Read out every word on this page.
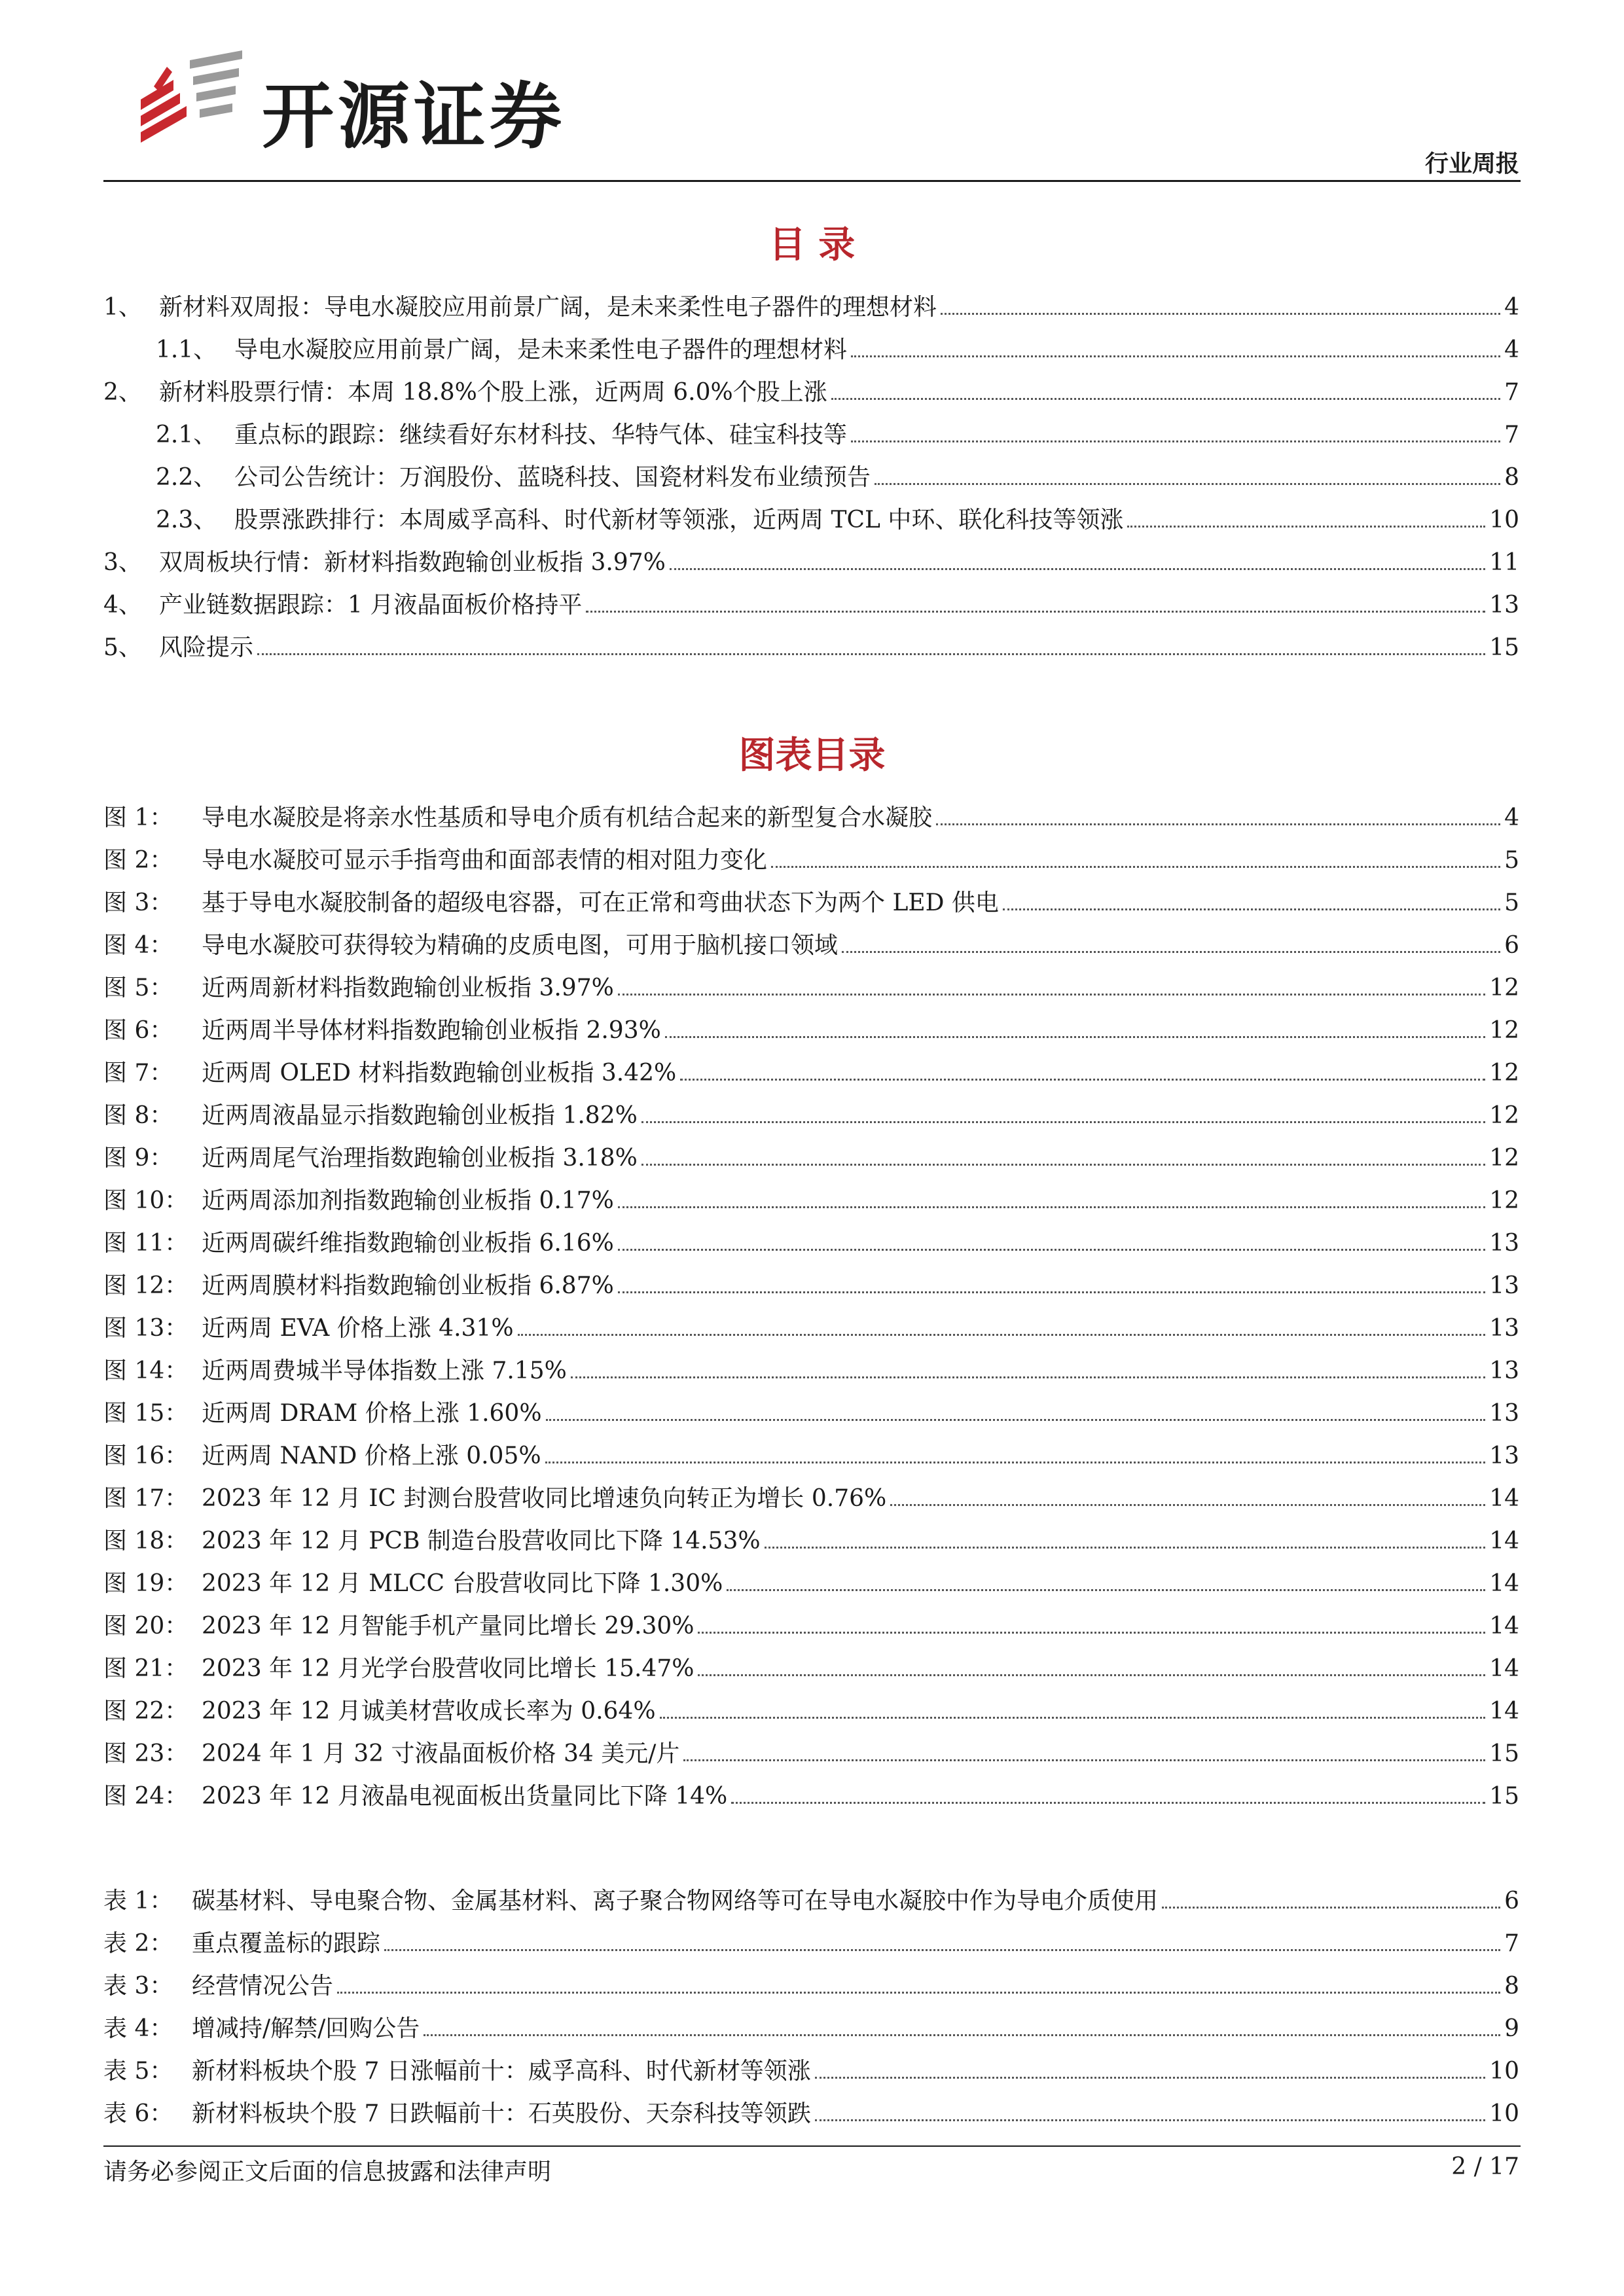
开源证券
行业周报
目 录
1、 新材料双周报：导电水凝胶应用前景广阔，是未来柔性电子器件的理想材料	4
1.1、 导电水凝胶应用前景广阔，是未来柔性电子器件的理想材料	4
2、 新材料股票行情：本周 18.8%个股上涨，近两周 6.0%个股上涨	7
2.1、 重点标的跟踪：继续看好东材科技、华特气体、硅宝科技等	7
2.2、 公司公告统计：万润股份、蓝晓科技、国瓷材料发布业绩预告	8
2.3、 股票涨跌排行：本周威孚高科、时代新材等领涨，近两周 TCL 中环、联化科技等领涨	10
3、 双周板块行情：新材料指数跑输创业板指 3.97%	11
4、 产业链数据跟踪：1 月液晶面板价格持平	13
5、 风险提示	15
图表目录
图 1：	导电水凝胶是将亲水性基质和导电介质有机结合起来的新型复合水凝胶	4
图 2：	导电水凝胶可显示手指弯曲和面部表情的相对阻力变化	5
图 3：	基于导电水凝胶制备的超级电容器，可在正常和弯曲状态下为两个 LED 供电	5
图 4：	导电水凝胶可获得较为精确的皮质电图，可用于脑机接口领域	6
图 5：	近两周新材料指数跑输创业板指 3.97%	12
图 6：	近两周半导体材料指数跑输创业板指 2.93%	12
图 7：	近两周 OLED 材料指数跑输创业板指 3.42%	12
图 8：	近两周液晶显示指数跑输创业板指 1.82%	12
图 9：	近两周尾气治理指数跑输创业板指 3.18%	12
图 10： 近两周添加剂指数跑输创业板指 0.17%	12
图 11： 近两周碳纤维指数跑输创业板指 6.16%	13
图 12： 近两周膜材料指数跑输创业板指 6.87%	13
图 13： 近两周 EVA 价格上涨 4.31%	13
图 14： 近两周费城半导体指数上涨 7.15%	13
图 15： 近两周 DRAM 价格上涨 1.60%	13
图 16： 近两周 NAND 价格上涨 0.05%	13
图 17： 2023 年 12 月 IC 封测台股营收同比增速负向转正为增长 0.76%	14
图 18： 2023 年 12 月 PCB 制造台股营收同比下降 14.53%	14
图 19： 2023 年 12 月 MLCC 台股营收同比下降 1.30%	14
图 20： 2023 年 12 月智能手机产量同比增长 29.30%	14
图 21： 2023 年 12 月光学台股营收同比增长 15.47%	14
图 22： 2023 年 12 月诚美材营收成长率为 0.64%	14
图 23： 2024 年 1 月 32 寸液晶面板价格 34 美元/片	15
图 24： 2023 年 12 月液晶电视面板出货量同比下降 14%	15
表 1： 碳基材料、导电聚合物、金属基材料、离子聚合物网络等可在导电水凝胶中作为导电介质使用	6
表 2： 重点覆盖标的跟踪	7
表 3： 经营情况公告	8
表 4： 增减持/解禁/回购公告	9
表 5： 新材料板块个股 7 日涨幅前十：威孚高科、时代新材等领涨	10
表 6： 新材料板块个股 7 日跌幅前十：石英股份、天奈科技等领跌	10
请务必参阅正文后面的信息披露和法律声明	2 / 17
